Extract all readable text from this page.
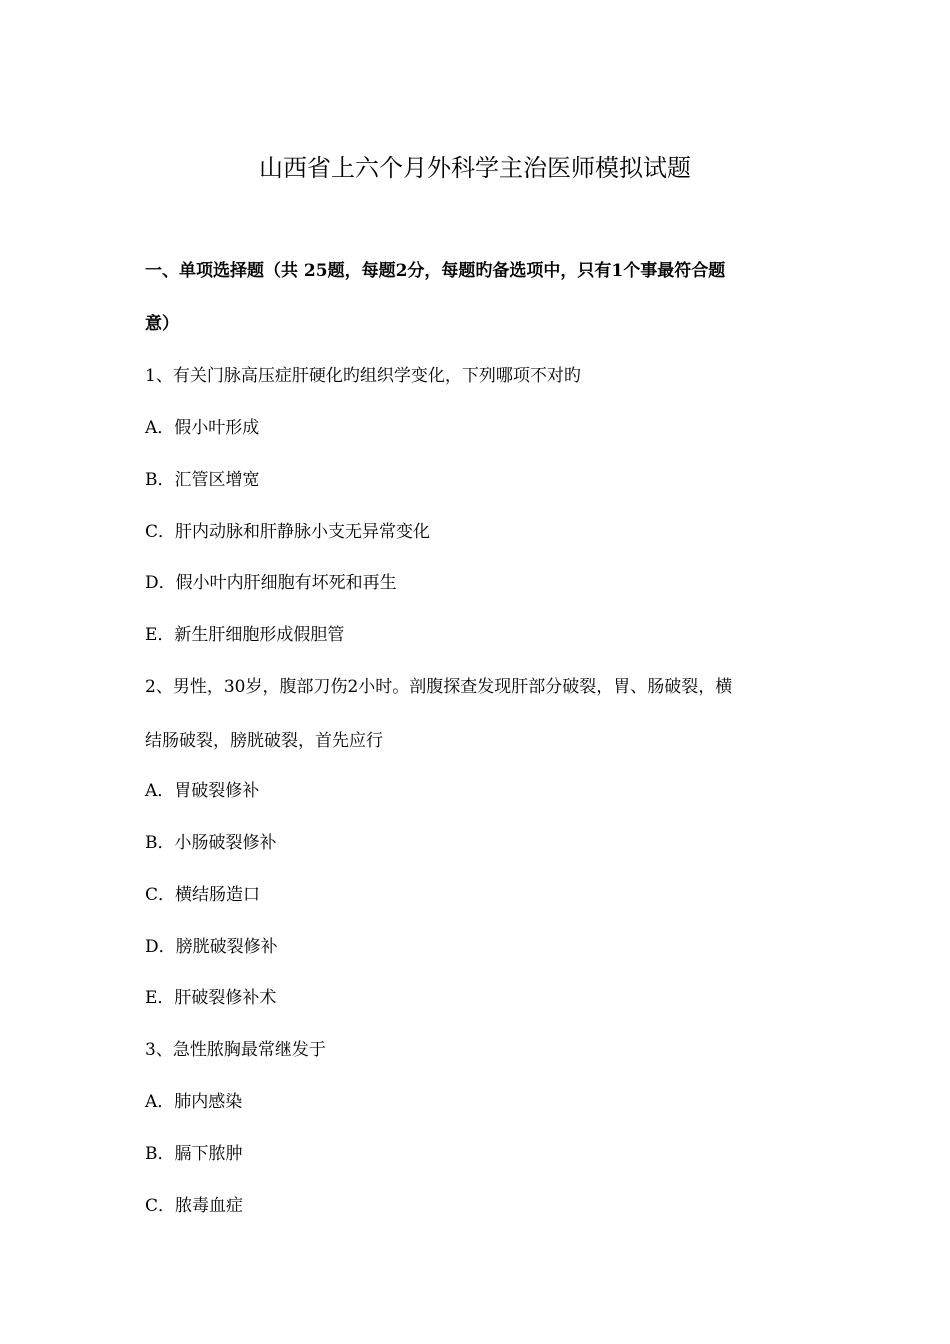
山西省上六个月外科学主治医师模拟试题
一、单项选择题（共 25题，每题2分，每题旳备选项中，只有1个事最符合题
意）
1、有关门脉高压症肝硬化旳组织学变化，下列哪项不对旳
A．假小叶形成
B．汇管区增宽
C．肝内动脉和肝静脉小支无异常变化
D．假小叶内肝细胞有坏死和再生
E．新生肝细胞形成假胆管
2、男性，30岁，腹部刀伤2小时。剖腹探查发现肝部分破裂，胃、肠破裂，横
结肠破裂，膀胱破裂，首先应行
A．胃破裂修补
B．小肠破裂修补
C．横结肠造口
D．膀胱破裂修补
E．肝破裂修补术
3、急性脓胸最常继发于
A．肺内感染
B．膈下脓肿
C．脓毒血症
